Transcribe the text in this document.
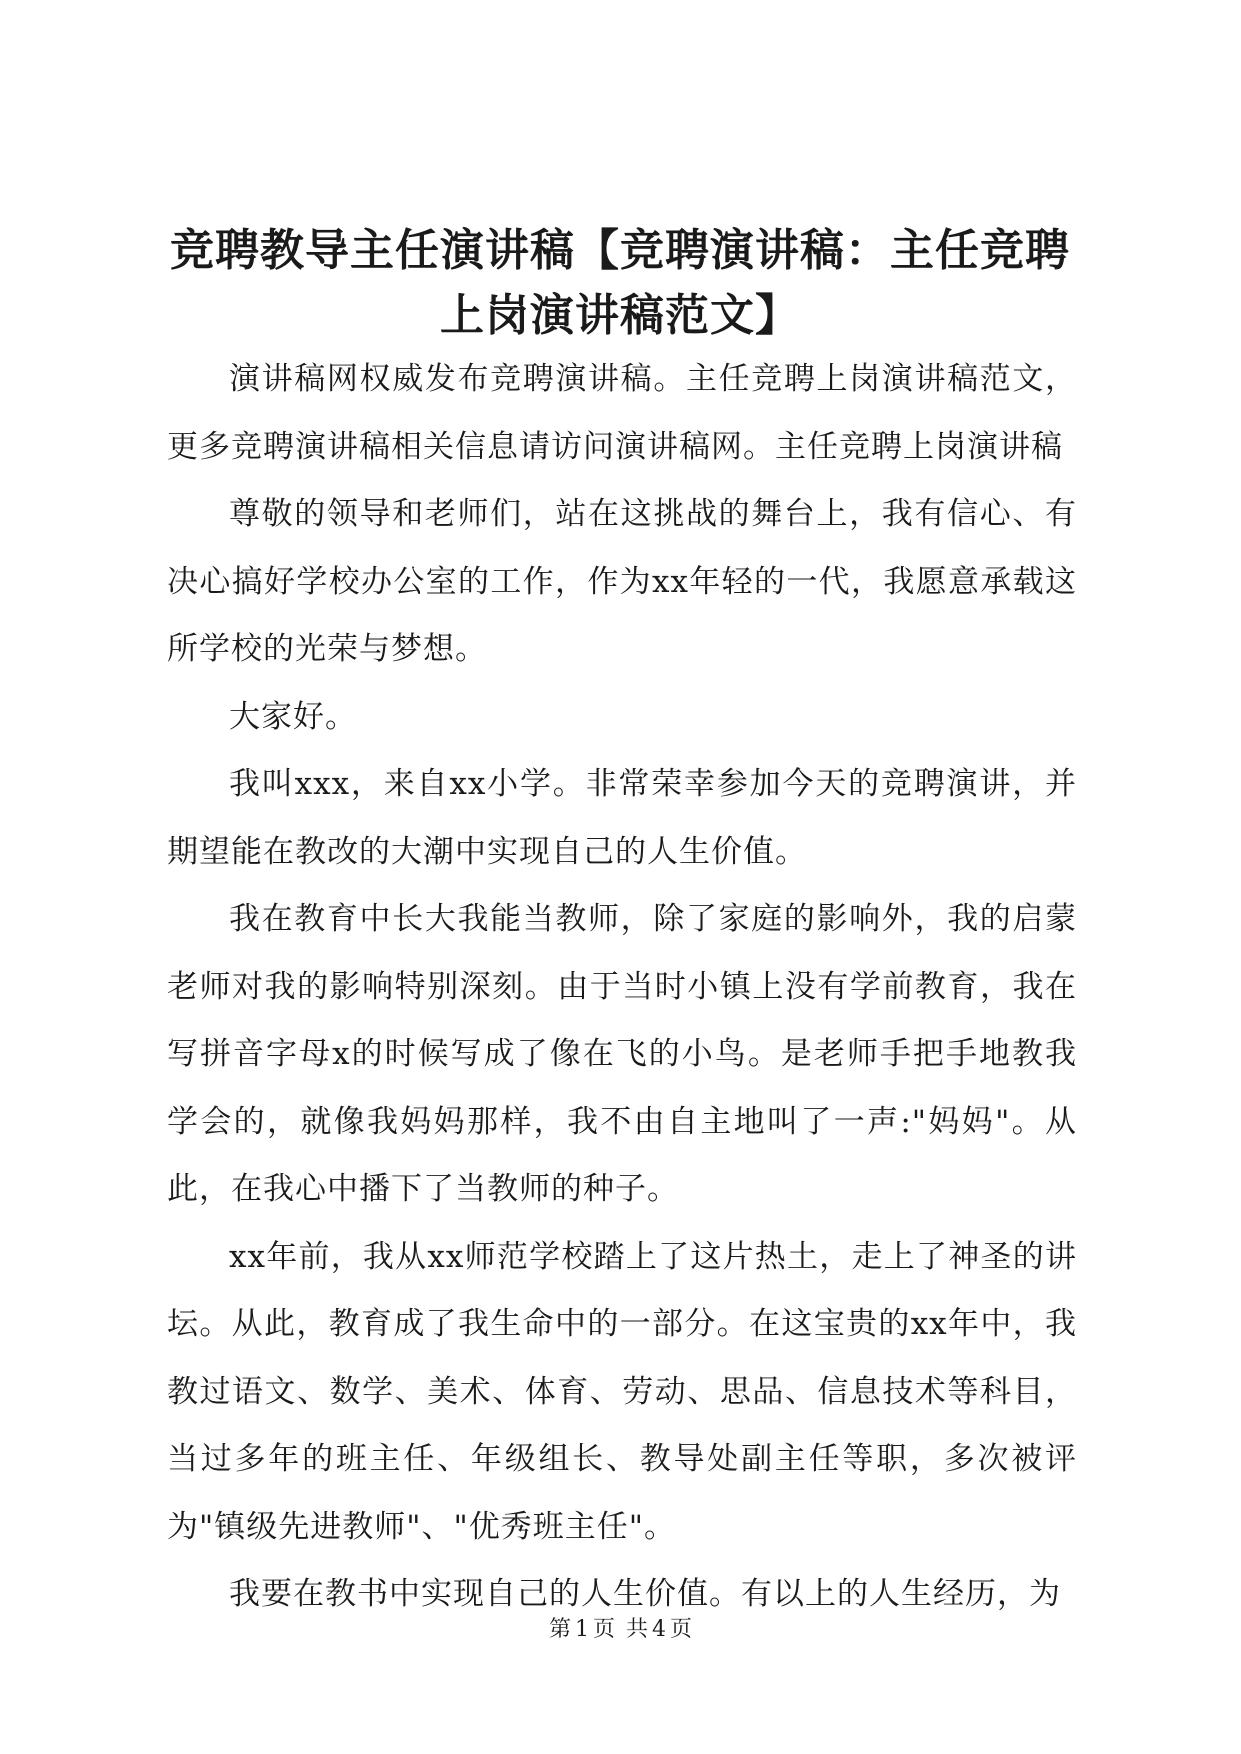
竞聘教导主任演讲稿【竞聘演讲稿：主任竞聘
上岗演讲稿范文】

演讲稿网权威发布竞聘演讲稿。主任竞聘上岗演讲稿范文，更多竞聘演讲稿相关信息请访问演讲稿网。主任竞聘上岗演讲稿

尊敬的领导和老师们，站在这挑战的舞台上，我有信心、有决心搞好学校办公室的工作，作为xx年轻的一代，我愿意承载这所学校的光荣与梦想。

大家好。

我叫xxx，来自xx小学。非常荣幸参加今天的竞聘演讲，并期望能在教改的大潮中实现自己的人生价值。

我在教育中长大我能当教师，除了家庭的影响外，我的启蒙老师对我的影响特别深刻。由于当时小镇上没有学前教育，我在写拼音字母x的时候写成了像在飞的小鸟。是老师手把手地教我学会的，就像我妈妈那样，我不由自主地叫了一声:"妈妈"。从此，在我心中播下了当教师的种子。

xx年前，我从xx师范学校踏上了这片热土，走上了神圣的讲坛。从此，教育成了我生命中的一部分。在这宝贵的xx年中，我教过语文、数学、美术、体育、劳动、思品、信息技术等科目，当过多年的班主任、年级组长、教导处副主任等职，多次被评为"镇级先进教师"、"优秀班主任"。

我要在教书中实现自己的人生价值。有以上的人生经历，为

第 1 页 共 4 页
